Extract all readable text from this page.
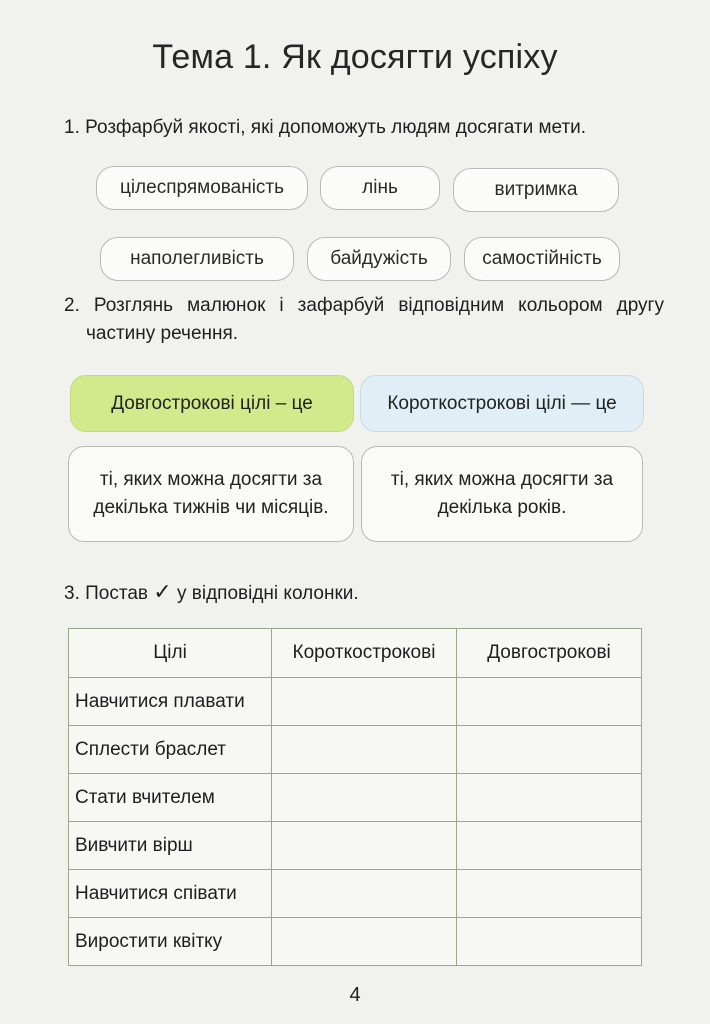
Тема 1. Як досягти успіху
1. Розфарбуй якості, які допоможуть людям досягати мети.
цілеспрямованість	лінь	витримка
наполегливість	байдужість	самостійність
2. Розглянь малюнок і зафарбуй відповідним кольором другу частину речення.
Довгострокові цілі – це	Короткострокові цілі — це
ті, яких можна досягти за декілька тижнів чи місяців.
ті, яких можна досягти за декілька років.
3. Постав ✓ у відповідні колонки.
Цілі	Короткострокові	Довгострокові
Навчитися плавати		
Сплести браслет		
Стати вчителем		
Вивчити вірш		
Навчитися співати		
Виростити квітку		
4
